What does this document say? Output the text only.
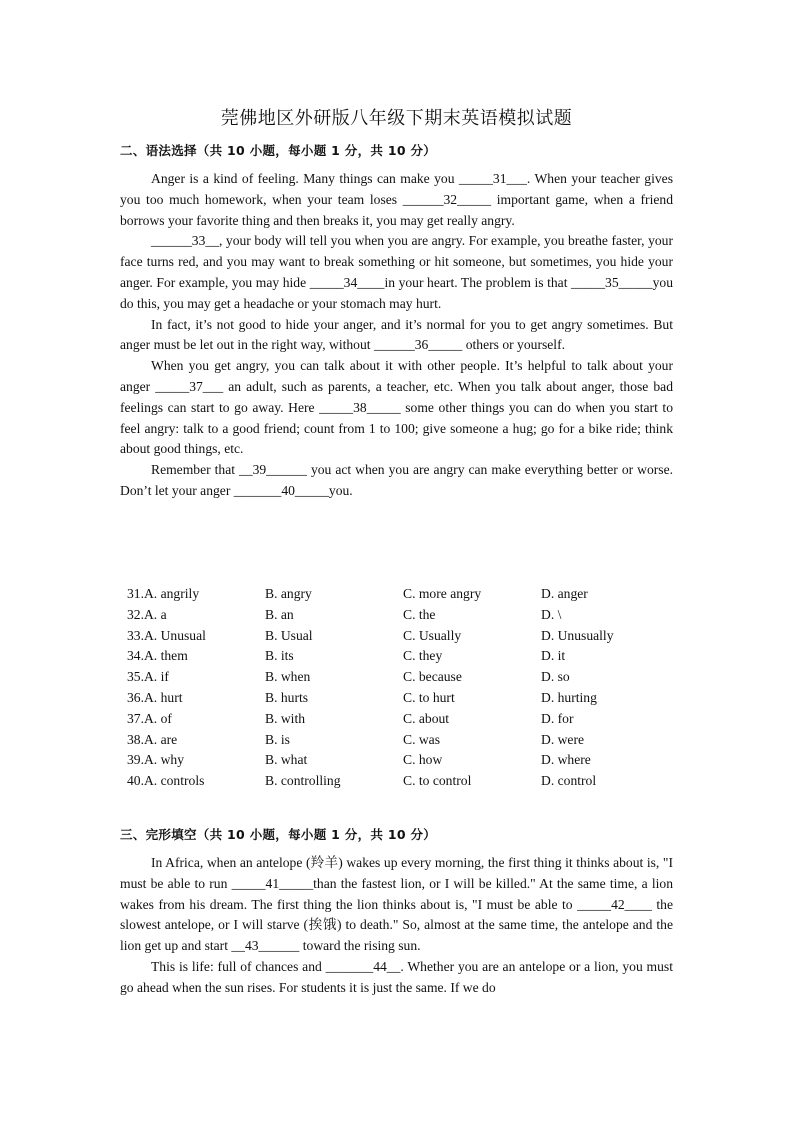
莞佛地区外研版八年级下期末英语模拟试题
二、语法选择（共 10 小题，每小题 1 分，共 10 分）

Anger is a kind of feeling. Many things can make you _____31___. When your teacher gives you too much homework, when your team loses ______32_____ important game, when a friend borrows your favorite thing and then breaks it, you may get really angry.

______33__, your body will tell you when you are angry. For example, you breathe faster, your face turns red, and you may want to break something or hit someone, but sometimes, you hide your anger. For example, you may hide _____34____in your heart. The problem is that _____35_____you do this, you may get a headache or your stomach may hurt.

In fact, it’s not good to hide your anger, and it’s normal for you to get angry sometimes. But anger must be let out in the right way, without ______36_____ others or yourself.

When you get angry, you can talk about it with other people. It’s helpful to talk about your anger _____37___ an adult, such as parents, a teacher, etc. When you talk about anger, those bad feelings can start to go away. Here _____38_____ some other things you can do when you start to feel angry: talk to a good friend; count from 1 to 100; give someone a hug; go for a bike ride; think about good things, etc.

Remember that __39______ you act when you are angry can make everything better or worse. Don’t let your anger _______40_____you.

31.A. angrily	B. angry	C. more angry	D. anger
32.A. a	B. an	C. the	D. \
33.A. Unusual	B. Usual	C. Usually	D. Unusually
34.A. them	B. its	C. they	D. it
35.A. if	B. when	C. because	D. so
36.A. hurt	B. hurts	C. to hurt	D. hurting
37.A. of	B. with	C. about	D. for
38.A. are	B. is	C. was	D. were
39.A. why	B. what	C. how	D. where
40.A. controls	B. controlling	C. to control	D. control
三、完形填空（共 10 小题，每小题 1 分，共 10 分）

In Africa, when an antelope (羚羊) wakes up every morning, the first thing it thinks about is, "I must be able to run _____41_____than the fastest lion, or I will be killed." At the same time, a lion wakes from his dream. The first thing the lion thinks about is, "I must be able to _____42____ the slowest antelope, or I will starve (挨饿) to death." So, almost at the same time, the antelope and the lion get up and start __43______ toward the rising sun.

This is life: full of chances and _______44__. Whether you are an antelope or a lion, you must go ahead when the sun rises. For students it is just the same. If we do
